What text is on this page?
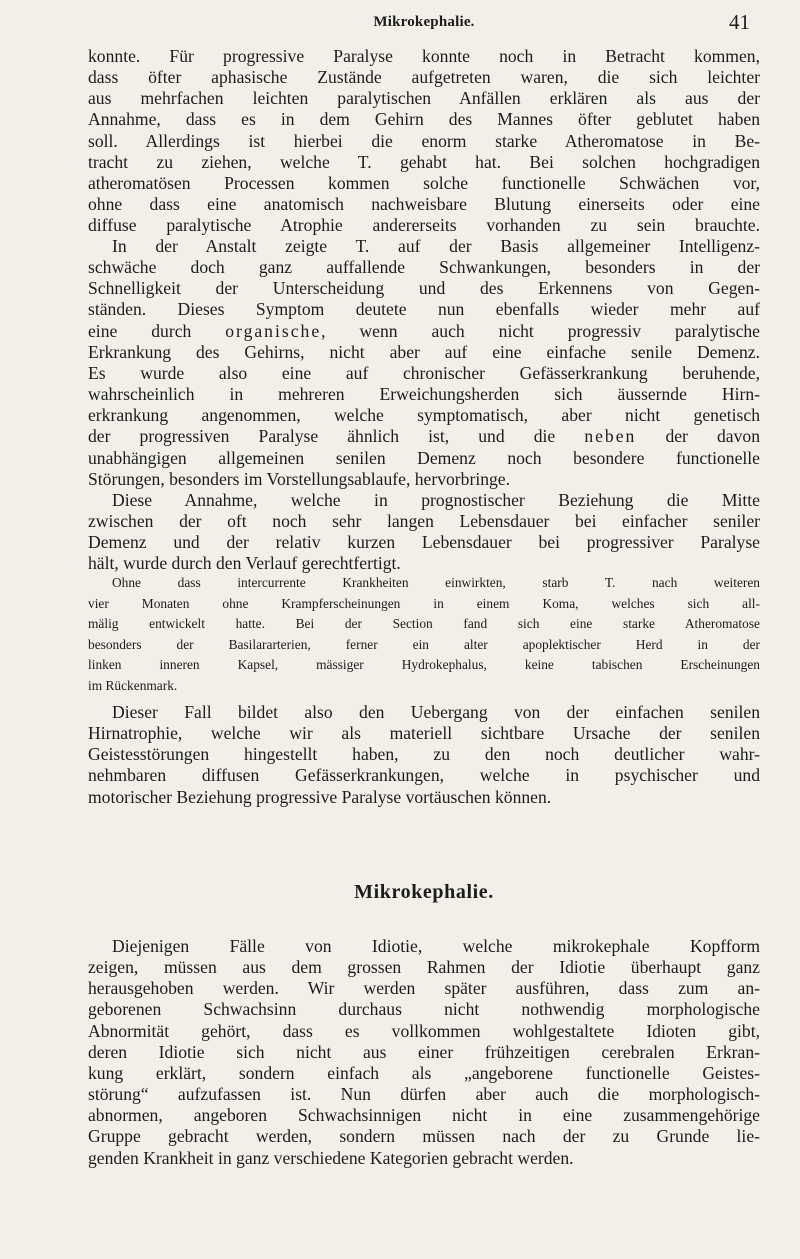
Mikrokephalie.	41
konnte. Für progressive Paralyse konnte noch in Betracht kommen,
dass öfter aphasische Zustände aufgetreten waren, die sich leichter
aus mehrfachen leichten paralytischen Anfällen erklären als aus der
Annahme, dass es in dem Gehirn des Mannes öfter geblutet haben
soll. Allerdings ist hierbei die enorm starke Atheromatose in Be-
tracht zu ziehen, welche T. gehabt hat. Bei solchen hochgradigen
atheromatösen Processen kommen solche functionelle Schwächen vor,
ohne dass eine anatomisch nachweisbare Blutung einerseits oder eine
diffuse paralytische Atrophie andererseits vorhanden zu sein brauchte.
In der Anstalt zeigte T. auf der Basis allgemeiner Intelligenz-
schwäche doch ganz auffallende Schwankungen, besonders in der
Schnelligkeit der Unterscheidung und des Erkennens von Gegen-
ständen. Dieses Symptom deutete nun ebenfalls wieder mehr auf
eine durch organische, wenn auch nicht progressiv paralytische
Erkrankung des Gehirns, nicht aber auf eine einfache senile Demenz.
Es wurde also eine auf chronischer Gefässerkrankung beruhende,
wahrscheinlich in mehreren Erweichungsherden sich äussernde Hirn-
erkrankung angenommen, welche symptomatisch, aber nicht genetisch
der progressiven Paralyse ähnlich ist, und die neben der davon
unabhängigen allgemeinen senilen Demenz noch besondere functionelle
Störungen, besonders im Vorstellungsablaufe, hervorbringe.
Diese Annahme, welche in prognostischer Beziehung die Mitte
zwischen der oft noch sehr langen Lebensdauer bei einfacher seniler
Demenz und der relativ kurzen Lebensdauer bei progressiver Paralyse
hält, wurde durch den Verlauf gerechtfertigt.
Ohne dass intercurrente Krankheiten einwirkten, starb T. nach weiteren
vier Monaten ohne Krampferscheinungen in einem Koma, welches sich all-
mälig entwickelt hatte. Bei der Section fand sich eine starke Atheromatose
besonders der Basilararterien, ferner ein alter apoplektischer Herd in der
linken inneren Kapsel, mässiger Hydrokephalus, keine tabischen Erscheinungen
im Rückenmark.
Dieser Fall bildet also den Uebergang von der einfachen senilen
Hirnatrophie, welche wir als materiell sichtbare Ursache der senilen
Geistesstörungen hingestellt haben, zu den noch deutlicher wahr-
nehmbaren diffusen Gefässerkrankungen, welche in psychischer und
motorischer Beziehung progressive Paralyse vortäuschen können.
Mikrokephalie.
Diejenigen Fälle von Idiotie, welche mikrokephale Kopfform
zeigen, müssen aus dem grossen Rahmen der Idiotie überhaupt ganz
herausgehoben werden. Wir werden später ausführen, dass zum an-
geborenen Schwachsinn durchaus nicht nothwendig morphologische
Abnormität gehört, dass es vollkommen wohlgestaltete Idioten gibt,
deren Idiotie sich nicht aus einer frühzeitigen cerebralen Erkran-
kung erklärt, sondern einfach als „angeborene functionelle Geistes-
störung“ aufzufassen ist. Nun dürfen aber auch die morphologisch-
abnormen, angeboren Schwachsinnigen nicht in eine zusammengehörige
Gruppe gebracht werden, sondern müssen nach der zu Grunde lie-
genden Krankheit in ganz verschiedene Kategorien gebracht werden.
